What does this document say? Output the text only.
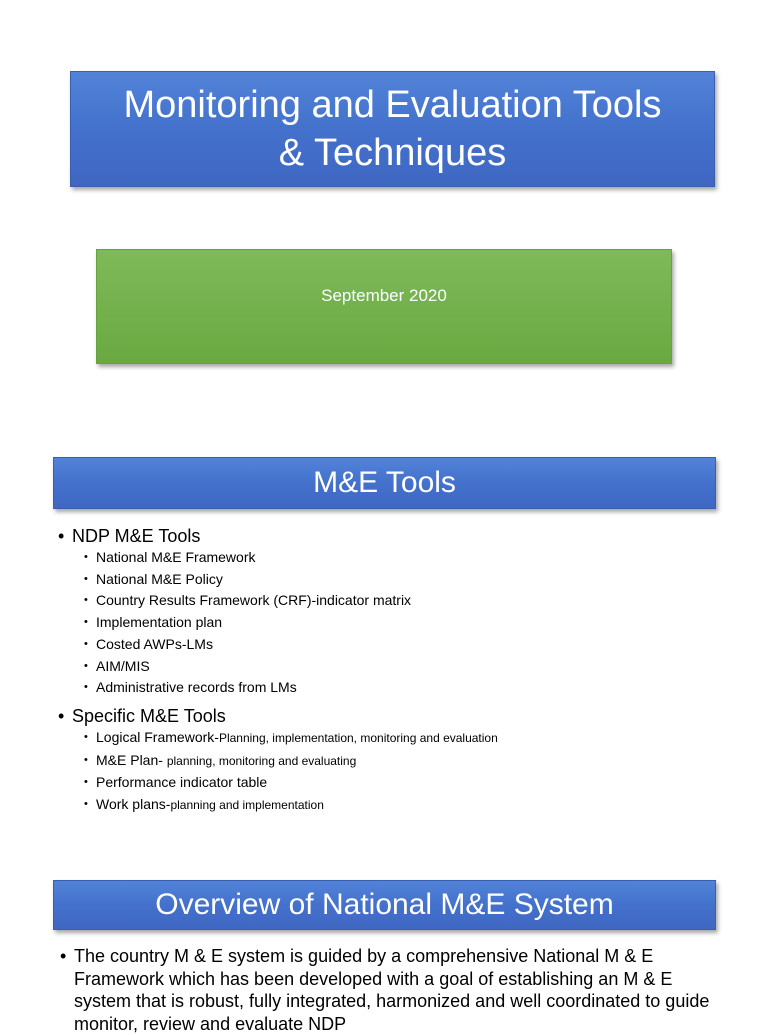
Monitoring and Evaluation Tools
& Techniques
September 2020
M&E Tools
• NDP M&E Tools
• National M&E Framework
• National M&E Policy
• Country Results Framework (CRF)-indicator matrix
• Implementation plan
• Costed AWPs-LMs
• AIM/MIS
• Administrative records from LMs
• Specific M&E Tools
• Logical Framework-Planning, implementation, monitoring and evaluation
• M&E Plan- planning, monitoring and evaluating
• Performance indicator table
• Work plans-planning and implementation
Overview of National M&E System
• The country M & E system is guided by a comprehensive National M & E Framework which has been developed with a goal of establishing an M & E system that is robust, fully integrated, harmonized and well coordinated to guide monitor, review and evaluate NDP
